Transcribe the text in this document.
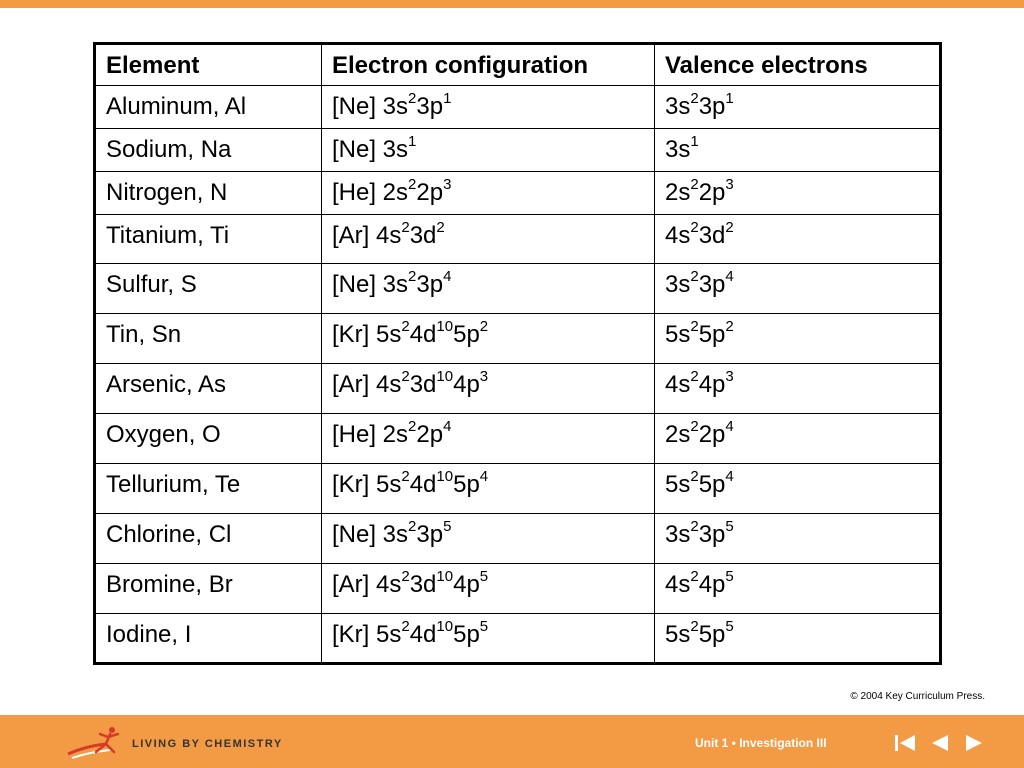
Element	Electron configuration	Valence electrons
Aluminum, Al	[Ne] $3s^23p^1$	$3s^23p^1$
Sodium, Na	[Ne] $3s^1$	$3s^1$
Nitrogen, N	[He] $2s^22p^3$	$2s^22p^3$
Titanium, Ti	[Ar] $4s^23d^2$	$4s^23d^2$
Sulfur, S	[Ne] $3s^23p^4$	$3s^23p^4$
Tin, Sn	[Kr] $5s^24d^{10}5p^2$	$5s^25p^2$
Arsenic, As	[Ar] $4s^23d^{10}4p^3$	$4s^24p^3$
Oxygen, O	[He] $2s^22p^4$	$2s^22p^4$
Tellurium, Te	[Kr] $5s^24d^{10}5p^4$	$5s^25p^4$
Chlorine, Cl	[Ne] $3s^23p^5$	$3s^23p^5$
Bromine, Br	[Ar] $4s^23d^{10}4p^5$	$4s^24p^5$
Iodine, I	[Kr] $5s^24d^{10}5p^5$	$5s^25p^5$
© 2004 Key Curriculum Press.
LIVING BY CHEMISTRY	Unit 1 • Investigation III
